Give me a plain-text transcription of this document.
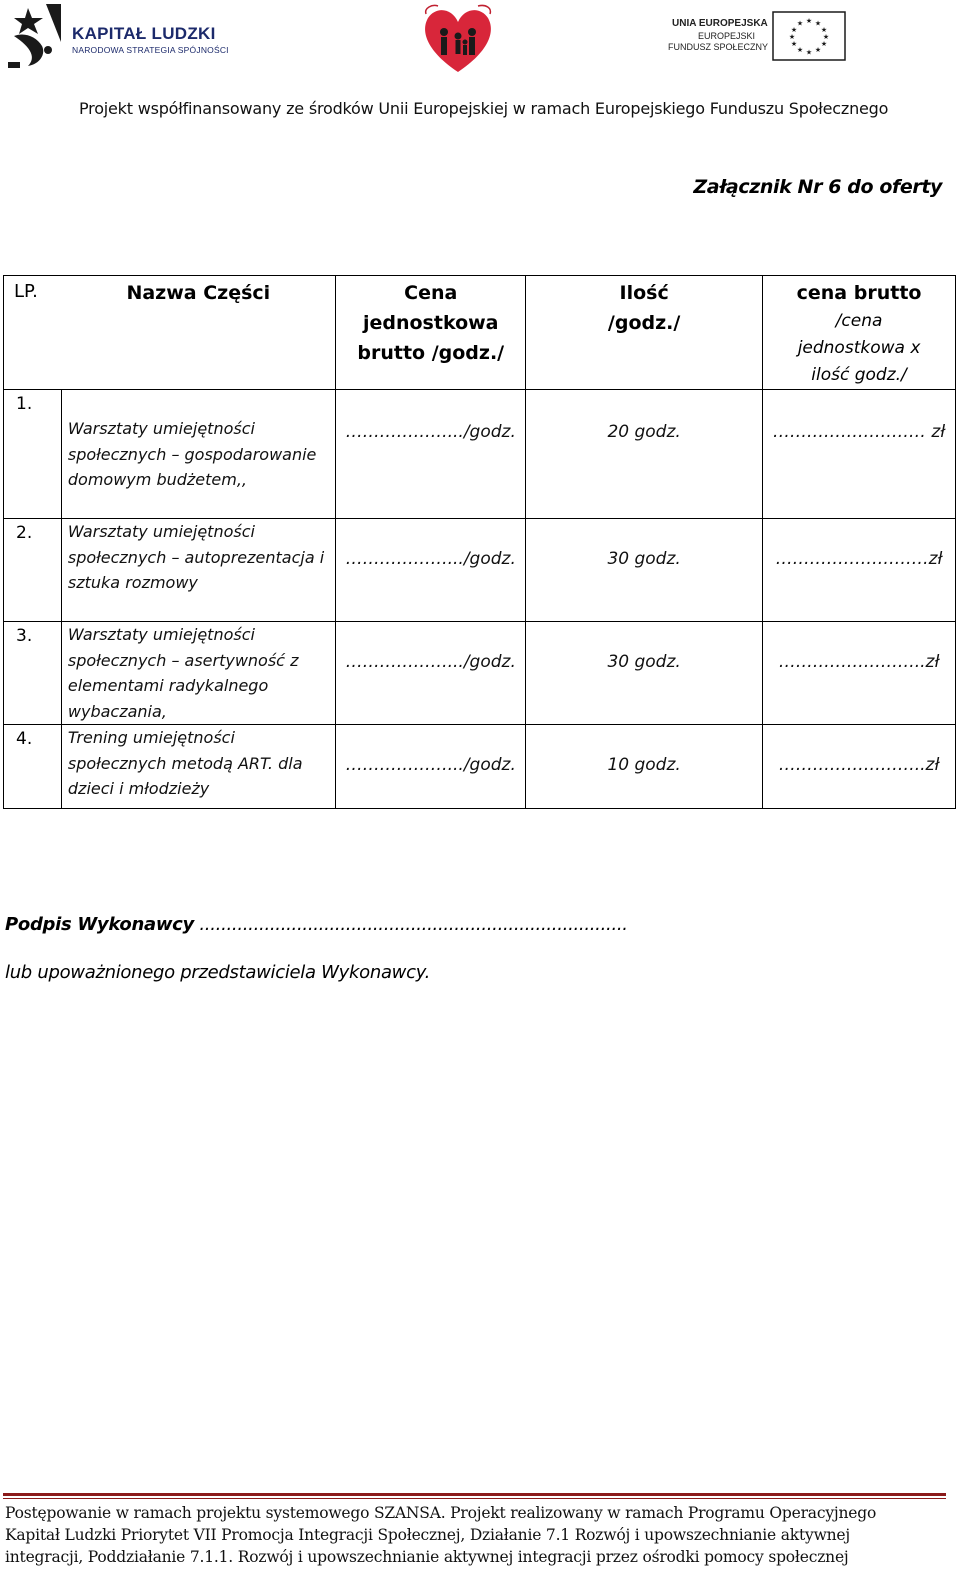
KAPITAŁ LUDZKI
NARODOWA STRATEGIA SPÓJNOŚCI
UNIA EUROPEJSKA
EUROPEJSKI
FUNDUSZ SPOŁECZNY
★ ★
★
★
★
★
★
★
★
★
★
★
Projekt współfinansowany ze środków Unii Europejskiej w ramach Europejskiego Funduszu Społecznego
Załącznik Nr 6 do oferty
LP.	Nazwa Części	Cena jednostkowa brutto /godz./	Ilość /godz./	cena brutto
/cena jednostkowa x ilość godz./

1.	Warsztaty umiejętności społecznych – gospodarowanie domowym budżetem,,	……………….../godz.	20 godz.	……………………… zł
2.	Warsztaty umiejętności społecznych – autoprezentacja i sztuka rozmowy	……………….../godz.	30 godz.	………………………zł
3.	Warsztaty umiejętności społecznych – asertywność z elementami radykalnego wybaczania,	……………….../godz.	30 godz.	……………………..zł
4.	Trening umiejętności społecznych metodą ART. dla dzieci i młodzieży	……………….../godz.	10 godz.	……………………..zł
Podpis Wykonawcy ...............................................................................
lub upoważnionego przedstawiciela Wykonawcy.
Postępowanie w ramach projektu systemowego SZANSA. Projekt realizowany w ramach Programu Operacyjnego
Kapitał Ludzki Priorytet VII Promocja Integracji Społecznej, Działanie 7.1 Rozwój i upowszechnianie aktywnej
integracji, Poddziałanie 7.1.1. Rozwój i upowszechnianie aktywnej integracji przez ośrodki pomocy społecznej
